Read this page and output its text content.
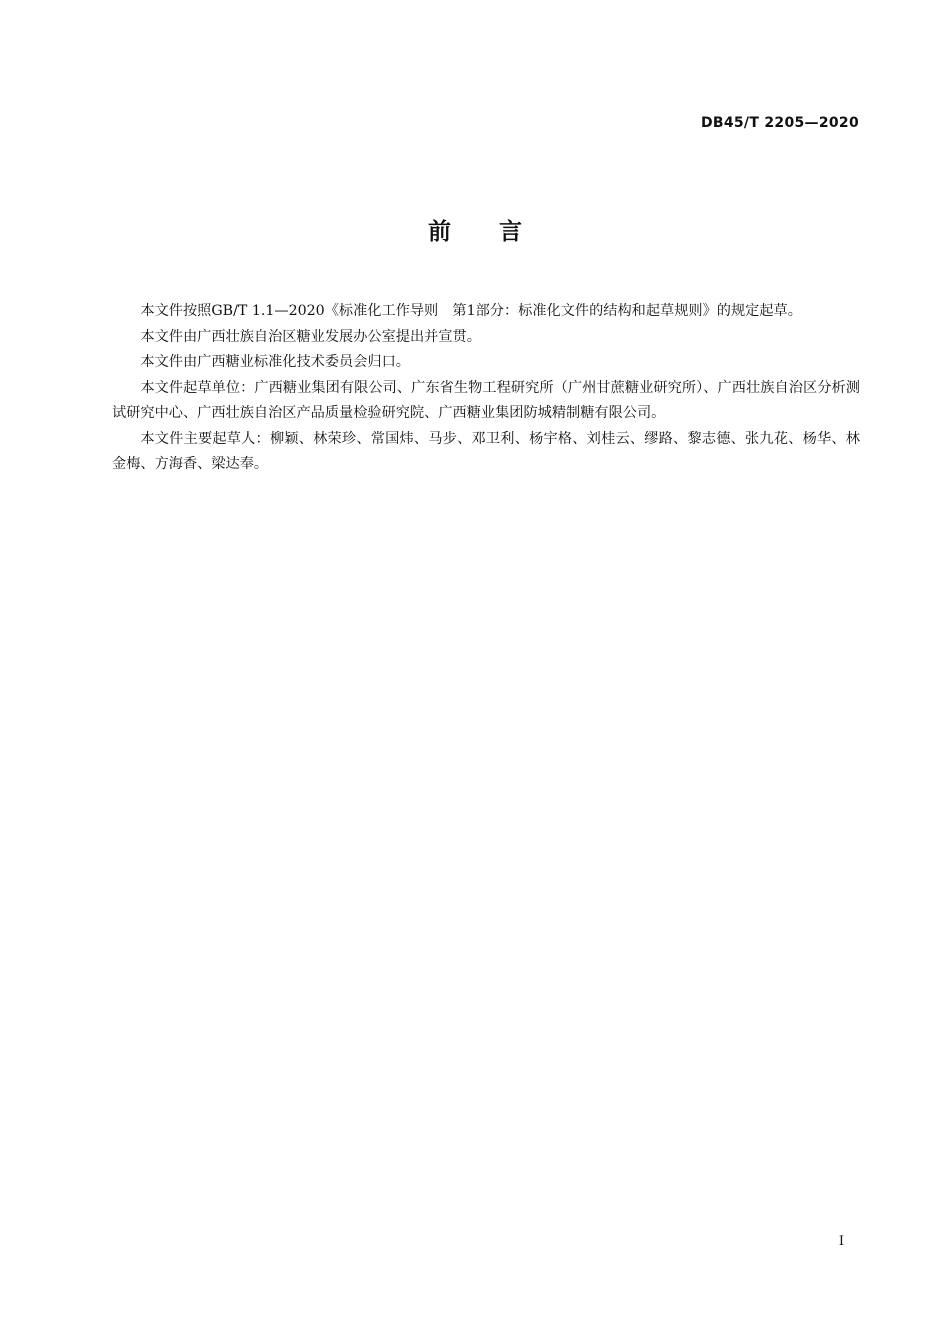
DB45/T 2205—2020
前 言

本文件按照GB/T 1.1—2020《标准化工作导则　第1部分：标准化文件的结构和起草规则》的规定起草。

本文件由广西壮族自治区糖业发展办公室提出并宣贯。

本文件由广西糖业标准化技术委员会归口。

本文件起草单位：广西糖业集团有限公司、广东省生物工程研究所（广州甘蔗糖业研究所）、广西壮族自治区分析测试研究中心、广西壮族自治区产品质量检验研究院、广西糖业集团防城精制糖有限公司。

本文件主要起草人：柳颖、林荣珍、常国炜、马步、邓卫利、杨宇格、刘桂云、缪路、黎志德、张九花、杨华、林金梅、方海香、梁达奉。

I
